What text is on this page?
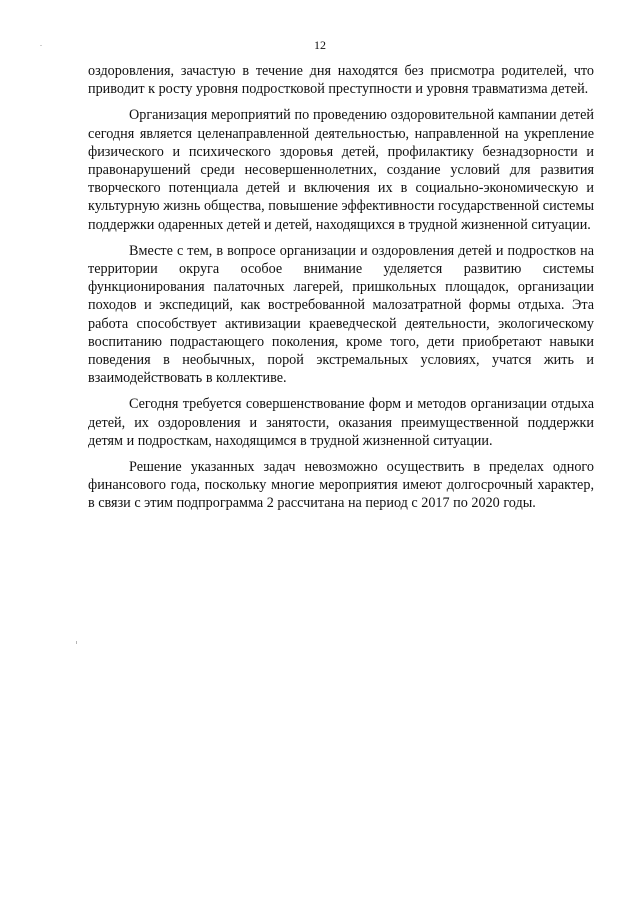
12

оздоровления, зачастую в течение дня находятся без присмотра родителей, что приводит к росту уровня подростковой преступности и уровня травматизма детей.

Организация мероприятий по проведению оздоровительной кампании детей сегодня является целенаправленной деятельностью, направленной на укрепление физического и психического здоровья детей, профилактику безнадзорности и правонарушений среди несовершеннолетних, создание условий для развития творческого потенциала детей и включения их в социально-экономическую и культурную жизнь общества, повышение эффективности государственной системы поддержки одаренных детей и детей, находящихся в трудной жизненной ситуации.

Вместе с тем, в вопросе организации и оздоровления детей и подростков на территории округа особое внимание уделяется развитию системы функционирования палаточных лагерей, пришкольных площадок, организации походов и экспедиций, как востребованной малозатратной формы отдыха. Эта работа способствует активизации краеведческой деятельности, экологическому воспитанию подрастающего поколения, кроме того, дети приобретают навыки поведения в необычных, порой экстремальных условиях, учатся жить и взаимодействовать в коллективе.

Сегодня требуется совершенствование форм и методов организации отдыха детей, их оздоровления и занятости, оказания преимущественной поддержки детям и подросткам, находящимся в трудной жизненной ситуации.

Решение указанных задач невозможно осуществить в пределах одного финансового года, поскольку многие мероприятия имеют долгосрочный характер, в связи с этим подпрограмма 2 рассчитана на период с 2017 по 2020 годы.
